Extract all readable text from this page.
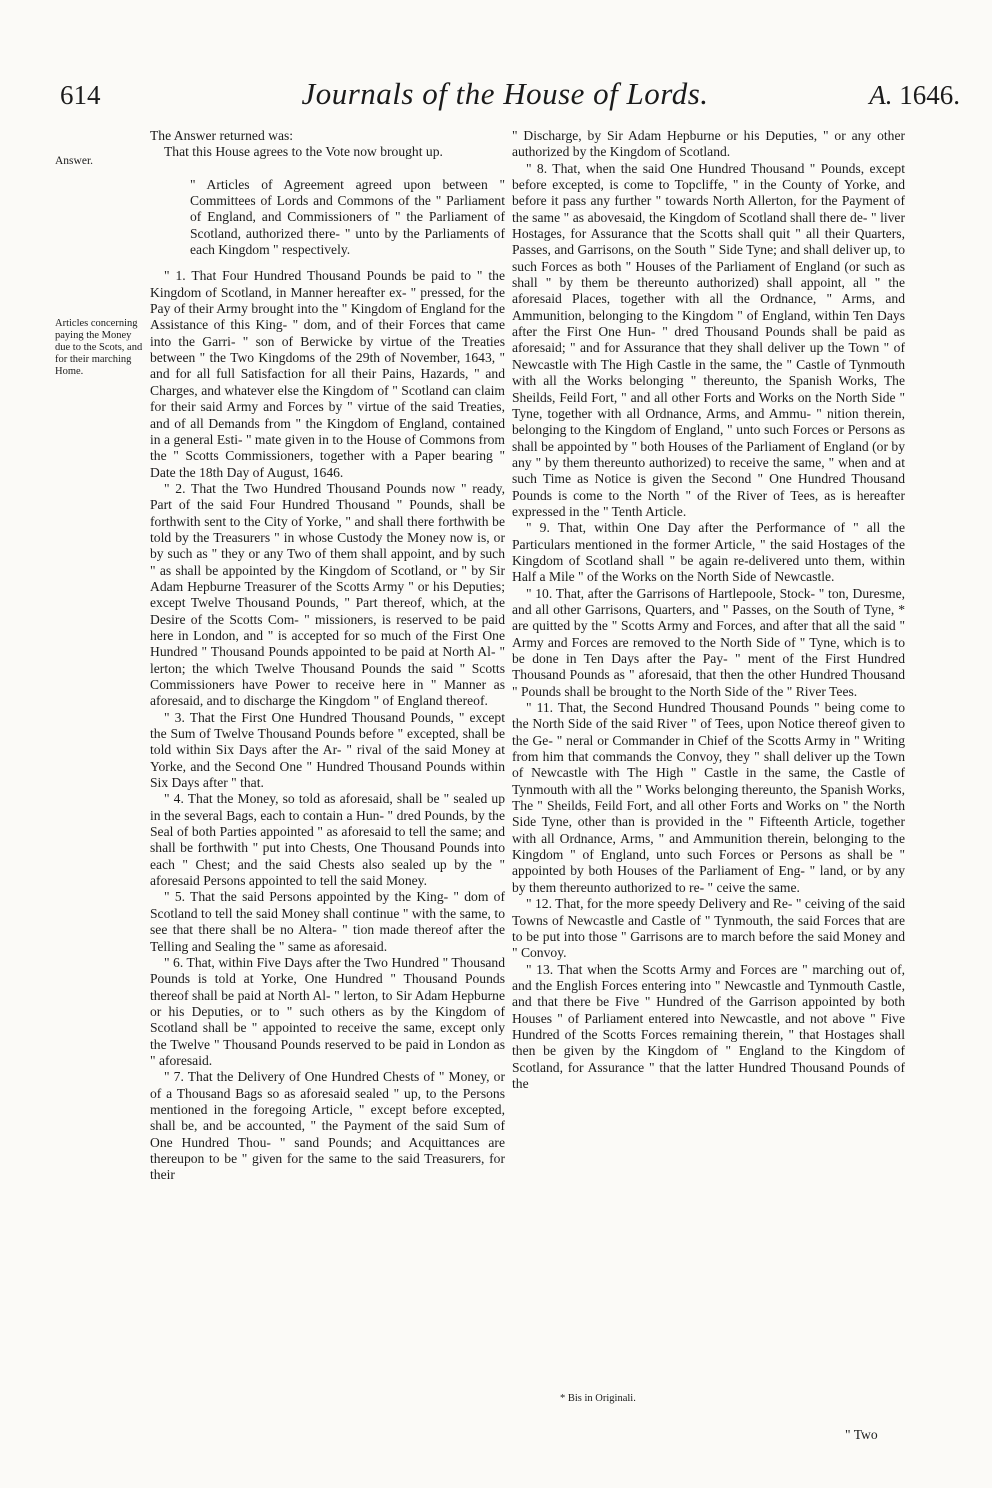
614	Journals of the House of Lords.	A. 1646.
Answer.
Articles concerning paying the Money due to the Scots, and for their marching Home.

The Answer returned was:

That this House agrees to the Vote now brought up.

" Articles of Agreement agreed upon between " Committees of Lords and Commons of the " Parliament of England, and Commissioners of " the Parliament of Scotland, authorized there- " unto by the Parliaments of each Kingdom " respectively.

" 1. That Four Hundred Thousand Pounds be paid to " the Kingdom of Scotland, in Manner hereafter ex- " pressed, for the Pay of their Army brought into the " Kingdom of England for the Assistance of this King- " dom, and of their Forces that came into the Garri- " son of Berwicke by virtue of the Treaties between " the Two Kingdoms of the 29th of November, 1643, " and for all full Satisfaction for all their Pains, Hazards, " and Charges, and whatever else the Kingdom of " Scotland can claim for their said Army and Forces by " virtue of the said Treaties, and of all Demands from " the Kingdom of England, contained in a general Esti- " mate given in to the House of Commons from the " Scotts Commissioners, together with a Paper bearing " Date the 18th Day of August, 1646.

" 2. That the Two Hundred Thousand Pounds now " ready, Part of the said Four Hundred Thousand " Pounds, shall be forthwith sent to the City of Yorke, " and shall there forthwith be told by the Treasurers " in whose Custody the Money now is, or by such as " they or any Two of them shall appoint, and by such " as shall be appointed by the Kingdom of Scotland, or " by Sir Adam Hepburne Treasurer of the Scotts Army " or his Deputies; except Twelve Thousand Pounds, " Part thereof, which, at the Desire of the Scotts Com- " missioners, is reserved to be paid here in London, and " is accepted for so much of the First One Hundred " Thousand Pounds appointed to be paid at North Al- " lerton; the which Twelve Thousand Pounds the said " Scotts Commissioners have Power to receive here in " Manner as aforesaid, and to discharge the Kingdom " of England thereof.

" 3. That the First One Hundred Thousand Pounds, " except the Sum of Twelve Thousand Pounds before " excepted, shall be told within Six Days after the Ar- " rival of the said Money at Yorke, and the Second One " Hundred Thousand Pounds within Six Days after " that.

" 4. That the Money, so told as aforesaid, shall be " sealed up in the several Bags, each to contain a Hun- " dred Pounds, by the Seal of both Parties appointed " as aforesaid to tell the same; and shall be forthwith " put into Chests, One Thousand Pounds into each " Chest; and the said Chests also sealed up by the " aforesaid Persons appointed to tell the said Money.

" 5. That the said Persons appointed by the King- " dom of Scotland to tell the said Money shall continue " with the same, to see that there shall be no Altera- " tion made thereof after the Telling and Sealing the " same as aforesaid.

" 6. That, within Five Days after the Two Hundred " Thousand Pounds is told at Yorke, One Hundred " Thousand Pounds thereof shall be paid at North Al- " lerton, to Sir Adam Hepburne or his Deputies, or to " such others as by the Kingdom of Scotland shall be " appointed to receive the same, except only the Twelve " Thousand Pounds reserved to be paid in London as " aforesaid.

" 7. That the Delivery of One Hundred Chests of " Money, or of a Thousand Bags so as aforesaid sealed " up, to the Persons mentioned in the foregoing Article, " except before excepted, shall be, and be accounted, " the Payment of the said Sum of One Hundred Thou- " sand Pounds; and Acquittances are thereupon to be " given for the same to the said Treasurers, for their

" Discharge, by Sir Adam Hepburne or his Deputies, " or any other authorized by the Kingdom of Scotland.

" 8. That, when the said One Hundred Thousand " Pounds, except before excepted, is come to Topcliffe, " in the County of Yorke, and before it pass any further " towards North Allerton, for the Payment of the same " as abovesaid, the Kingdom of Scotland shall there de- " liver Hostages, for Assurance that the Scotts shall quit " all their Quarters, Passes, and Garrisons, on the South " Side Tyne; and shall deliver up, to such Forces as both " Houses of the Parliament of England (or such as shall " by them be thereunto authorized) shall appoint, all " the aforesaid Places, together with all the Ordnance, " Arms, and Ammunition, belonging to the Kingdom " of England, within Ten Days after the First One Hun- " dred Thousand Pounds shall be paid as aforesaid; " and for Assurance that they shall deliver up the Town " of Newcastle with The High Castle in the same, the " Castle of Tynmouth with all the Works belonging " thereunto, the Spanish Works, The Sheilds, Feild Fort, " and all other Forts and Works on the North Side " Tyne, together with all Ordnance, Arms, and Ammu- " nition therein, belonging to the Kingdom of England, " unto such Forces or Persons as shall be appointed by " both Houses of the Parliament of England (or by any " by them thereunto authorized) to receive the same, " when and at such Time as Notice is given the Second " One Hundred Thousand Pounds is come to the North " of the River of Tees, as is hereafter expressed in the " Tenth Article.

" 9. That, within One Day after the Performance of " all the Particulars mentioned in the former Article, " the said Hostages of the Kingdom of Scotland shall " be again re-delivered unto them, within Half a Mile " of the Works on the North Side of Newcastle.

" 10. That, after the Garrisons of Hartlepoole, Stock- " ton, Duresme, and all other Garrisons, Quarters, and " Passes, on the South of Tyne, * are quitted by the " Scotts Army and Forces, and after that all the said " Army and Forces are removed to the North Side of " Tyne, which is to be done in Ten Days after the Pay- " ment of the First Hundred Thousand Pounds as " aforesaid, that then the other Hundred Thousand " Pounds shall be brought to the North Side of the " River Tees.

" 11. That, the Second Hundred Thousand Pounds " being come to the North Side of the said River " of Tees, upon Notice thereof given to the Ge- " neral or Commander in Chief of the Scotts Army in " Writing from him that commands the Convoy, they " shall deliver up the Town of Newcastle with The High " Castle in the same, the Castle of Tynmouth with all the " Works belonging thereunto, the Spanish Works, The " Sheilds, Feild Fort, and all other Forts and Works on " the North Side Tyne, other than is provided in the " Fifteenth Article, together with all Ordnance, Arms, " and Ammunition therein, belonging to the Kingdom " of England, unto such Forces or Persons as shall be " appointed by both Houses of the Parliament of Eng- " land, or by any by them thereunto authorized to re- " ceive the same.

" 12. That, for the more speedy Delivery and Re- " ceiving of the said Towns of Newcastle and Castle of " Tynmouth, the said Forces that are to be put into those " Garrisons are to march before the said Money and " Convoy.

" 13. That when the Scotts Army and Forces are " marching out of, and the English Forces entering into " Newcastle and Tynmouth Castle, and that there be Five " Hundred of the Garrison appointed by both Houses " of Parliament entered into Newcastle, and not above " Five Hundred of the Scotts Forces remaining therein, " that Hostages shall then be given by the Kingdom of " England to the Kingdom of Scotland, for Assurance " that the latter Hundred Thousand Pounds of the

* Bis in Originali.
" Two
